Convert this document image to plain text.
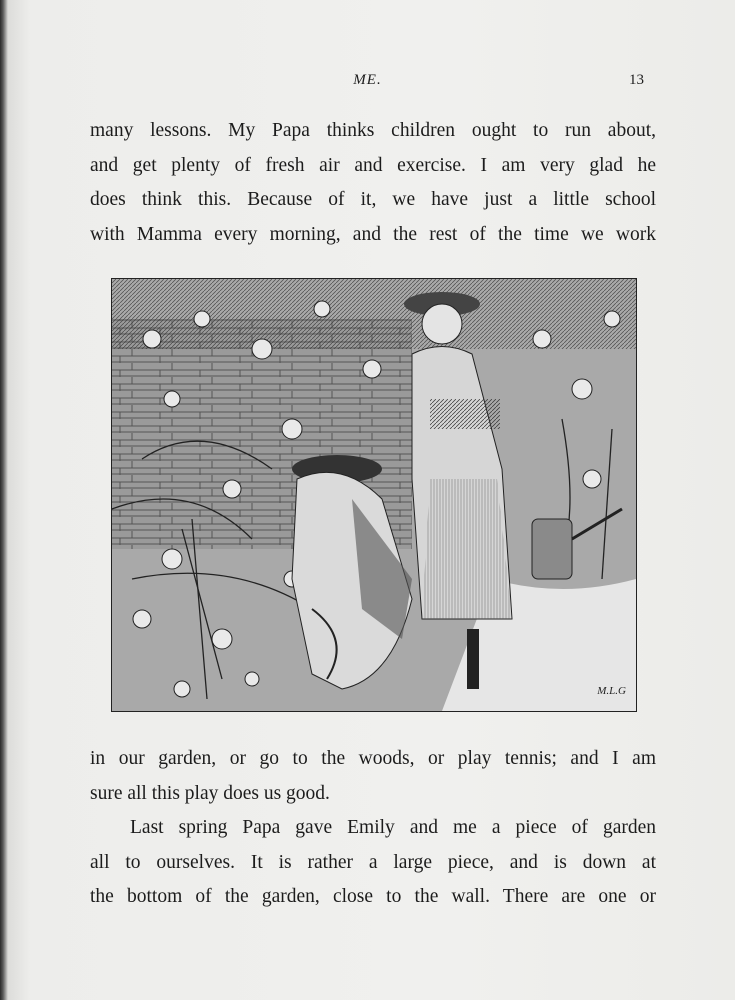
ME.	13
many lessons. My Papa thinks children ought to run about,
and get plenty of fresh air and exercise. I am very glad he
does think this. Because of it, we have just a little school
with Mamma every morning, and the rest of the time we work
M.L.G
in our garden, or go to the woods, or play tennis; and I am
sure all this play does us good.
Last spring Papa gave Emily and me a piece of garden
all to ourselves. It is rather a large piece, and is down at
the bottom of the garden, close to the wall. There are one or
